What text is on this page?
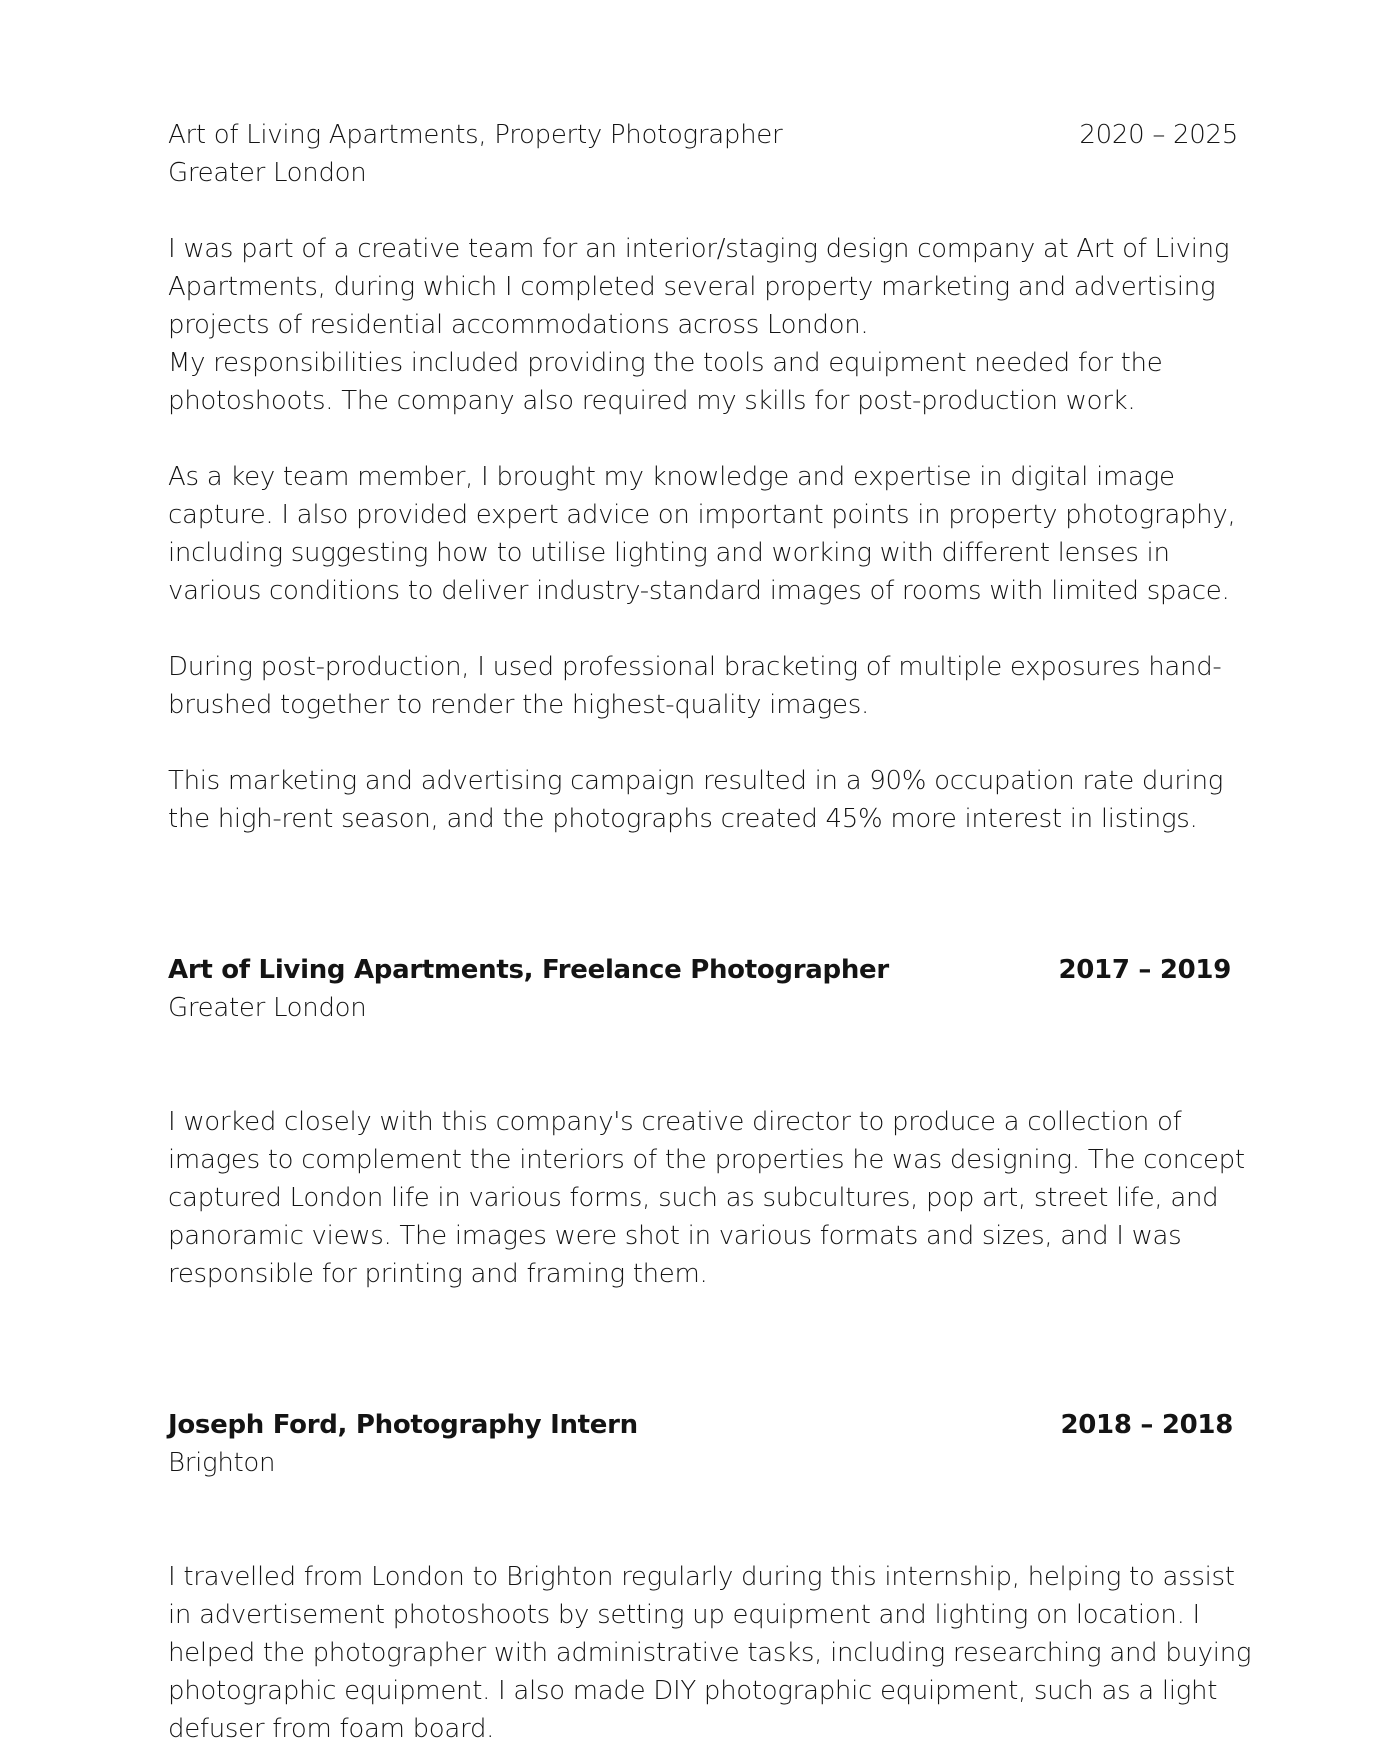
Art of Living Apartments, Property Photographer	2020 – 2025
Greater London
I was part of a creative team for an interior/staging design company at Art of Living
Apartments, during which I completed several property marketing and advertising
projects of residential accommodations across London.
My responsibilities included providing the tools and equipment needed for the
photoshoots. The company also required my skills for post-production work.
As a key team member, I brought my knowledge and expertise in digital image
capture. I also provided expert advice on important points in property photography,
including suggesting how to utilise lighting and working with different lenses in
various conditions to deliver industry-standard images of rooms with limited space.
During post-production, I used professional bracketing of multiple exposures hand-
brushed together to render the highest-quality images.
This marketing and advertising campaign resulted in a 90% occupation rate during
the high-rent season, and the photographs created 45% more interest in listings.
Art of Living Apartments, Freelance Photographer	2017 – 2019
Greater London
I worked closely with this company's creative director to produce a collection of
images to complement the interiors of the properties he was designing. The concept
captured London life in various forms, such as subcultures, pop art, street life, and
panoramic views. The images were shot in various formats and sizes, and I was
responsible for printing and framing them.
Joseph Ford, Photography Intern	2018 – 2018
Brighton
I travelled from London to Brighton regularly during this internship, helping to assist
in advertisement photoshoots by setting up equipment and lighting on location. I
helped the photographer with administrative tasks, including researching and buying
photographic equipment. I also made DIY photographic equipment, such as a light
defuser from foam board.
